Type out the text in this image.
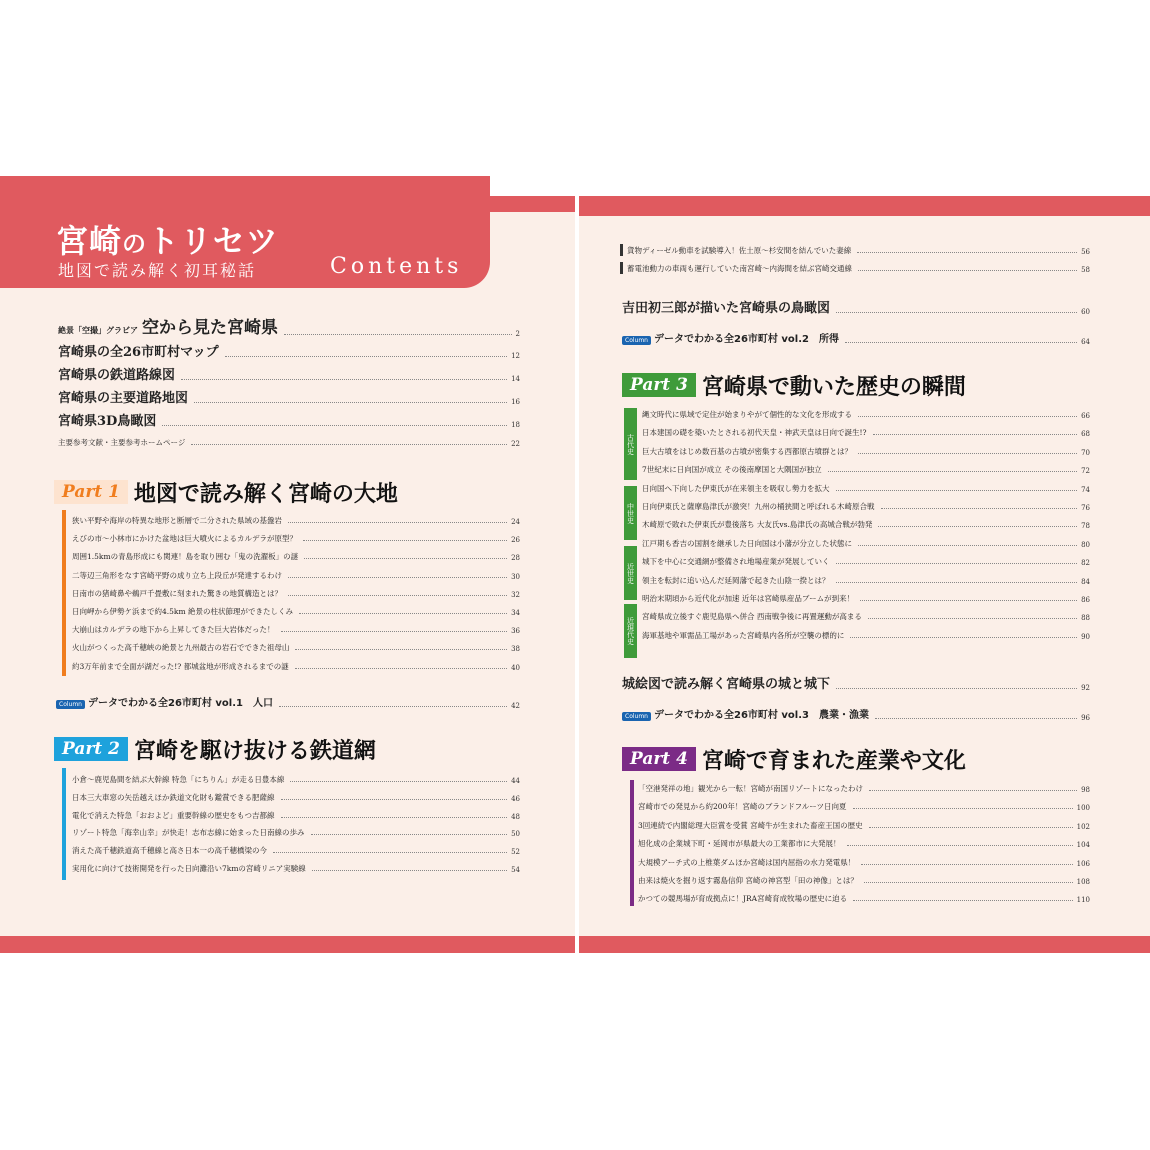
宮崎のトリセツ
地図で読み解く初耳秘話	Contents
絶景「空撮」グラビア 空から見た宮崎県	2
宮崎県の全26市町村マップ	12
宮崎県の鉄道路線図	14
宮崎県の主要道路地図	16
宮崎県3D鳥瞰図	18
主要参考文献・主要参考ホームページ	22
Part 1 地図で読み解く宮崎の大地
狭い平野や海岸の特異な地形と断層で二分された県域の基盤岩	24
えびの市～小林市にかけた盆地は巨大噴火によるカルデラが原型？	26
周囲1.5kmの青島形成にも関連！島を取り囲む「鬼の洗濯板」の謎	28
二等辺三角形をなす宮崎平野の成り立ち上段丘が発達するわけ	30
日南市の猪崎鼻や鵜戸千畳敷に刻まれた驚きの地質構造とは？	32
日向岬から伊勢ケ浜まで約4.5km 絶景の柱状節理ができたしくみ	34
大崩山はカルデラの地下から上昇してきた巨大岩体だった！	36
火山がつくった高千穂峡の絶景と九州最古の岩石でできた祖母山	38
約3万年前まで全面が湖だった!? 都城盆地が形成されるまでの謎	40
Column データでわかる全26市町村 vol.1　人口	42
Part 2 宮崎を駆け抜ける鉄道網
小倉～鹿児島間を結ぶ大幹線 特急「にちりん」が走る日豊本線	44
日本三大車窓の矢岳越えほか鉄道文化財も鑑賞できる肥薩線	46
電化で消えた特急「おおよど」重要幹線の歴史をもつ吉都線	48
リゾート特急「海幸山幸」が快走！志布志線に始まった日南線の歩み	50
消えた高千穂鉄道高千穂線と高さ日本一の高千穂橋梁の今	52
実用化に向けて技術開発を行った日向灘沿い7kmの宮崎リニア実験線	54
貨物ディーゼル動車を試験導入！佐土原～杉安間を結んでいた妻線	56
蓄電池動力の車両も運行していた南宮崎～内海間を結ぶ宮崎交通線	58
吉田初三郎が描いた宮崎県の鳥瞰図	60
Column データでわかる全26市町村 vol.2　所得	64
Part 3 宮崎県で動いた歴史の瞬間
古代史
中世史
近世史
近現代史
縄文時代に県域で定住が始まりやがて個性的な文化を形成する	66
日本建国の礎を築いたとされる初代天皇・神武天皇は日向で誕生!?	68
巨大古墳をはじめ数百基の古墳が密集する西都原古墳群とは？	70
7世紀末に日向国が成立 その後南摩国と大隅国が独立	72
日向国へ下向した伊東氏が在来領主を吸収し勢力を拡大	74
日向伊東氏と薩摩島津氏が激突！九州の桶狭間と呼ばれる木崎原合戦	76
木崎原で敗れた伊東氏が豊後落ち 大友氏vs.島津氏の高城合戦が勃発	78
江戸期も香吉の国割を継承した日向国は小藩が分立した状態に	80
城下を中心に交通網が整備され地場産業が発展していく	82
領主を転封に追い込んだ延岡藩で起きた山陰一揆とは？	84
明治末期頃から近代化が加速 近年は宮崎県産品ブームが到来！	86
宮崎県成立後すぐ鹿児島県へ併合 西南戦争後に再置運動が高まる	88
海軍基地や軍需品工場があった宮崎県内各所が空襲の標的に	90
城絵図で読み解く宮崎県の城と城下	92
Column データでわかる全26市町村 vol.3　農業・漁業	96
Part 4 宮崎で育まれた産業や文化
「空港発祥の地」観光から一転！宮崎が南国リゾートになったわけ	98
宮崎市での発見から約200年！宮崎のブランドフルーツ日向夏	100
3回連続で内閣総理大臣賞を受賞 宮崎牛が生まれた畜産王国の歴史	102
旭化成の企業城下町・延岡市が県最大の工業都市に大発展！	104
大規模アーチ式の上椎葉ダムほか宮崎は国内屈指の水力発電県！	106
由来は焼火を掘り返す霧島信仰 宮崎の神宮型「田の神像」とは？	108
かつての競馬場が育成拠点に！JRA宮崎育成牧場の歴史に迫る	110
